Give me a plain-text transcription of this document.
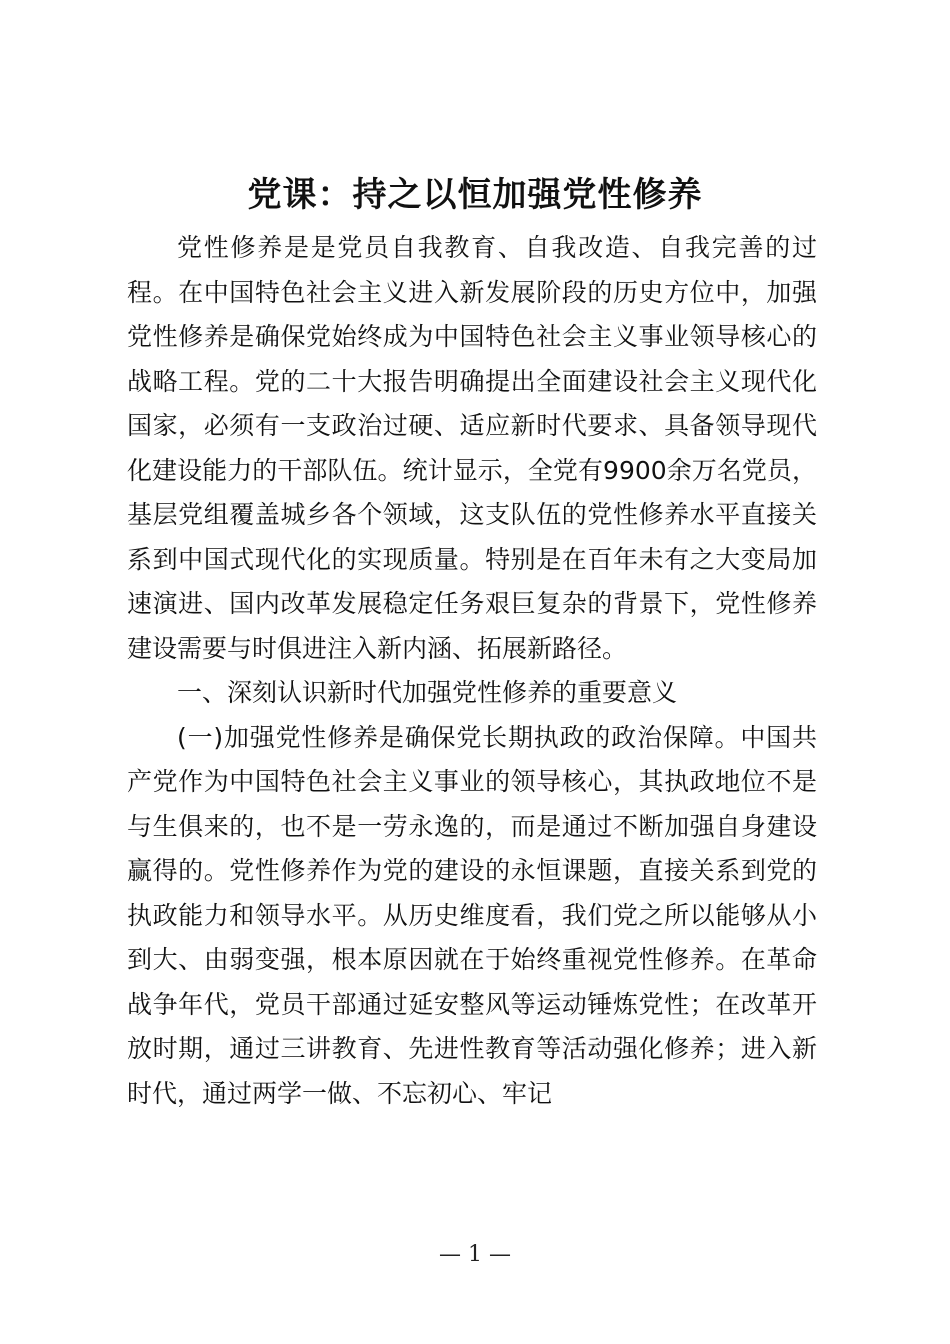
党课：持之以恒加强党性修养

党性修养是是党员自我教育、自我改造、自我完善的过程。在中国特色社会主义进入新发展阶段的历史方位中，加强党性修养是确保党始终成为中国特色社会主义事业领导核心的战略工程。党的二十大报告明确提出全面建设社会主义现代化国家，必须有一支政治过硬、适应新时代要求、具备领导现代化建设能力的干部队伍。统计显示，全党有9900余万名党员，基层党组覆盖城乡各个领域，这支队伍的党性修养水平直接关系到中国式现代化的实现质量。特别是在百年未有之大变局加速演进、国内改革发展稳定任务艰巨复杂的背景下，党性修养建设需要与时俱进注入新内涵、拓展新路径。

一、深刻认识新时代加强党性修养的重要意义

(一)加强党性修养是确保党长期执政的政治保障。中国共产党作为中国特色社会主义事业的领导核心，其执政地位不是与生俱来的，也不是一劳永逸的，而是通过不断加强自身建设赢得的。党性修养作为党的建设的永恒课题，直接关系到党的执政能力和领导水平。从历史维度看，我们党之所以能够从小到大、由弱变强，根本原因就在于始终重视党性修养。在革命战争年代，党员干部通过延安整风等运动锤炼党性；在改革开放时期，通过三讲教育、先进性教育等活动强化修养；进入新时代，通过两学一做、不忘初心、牢记

— 1 —
